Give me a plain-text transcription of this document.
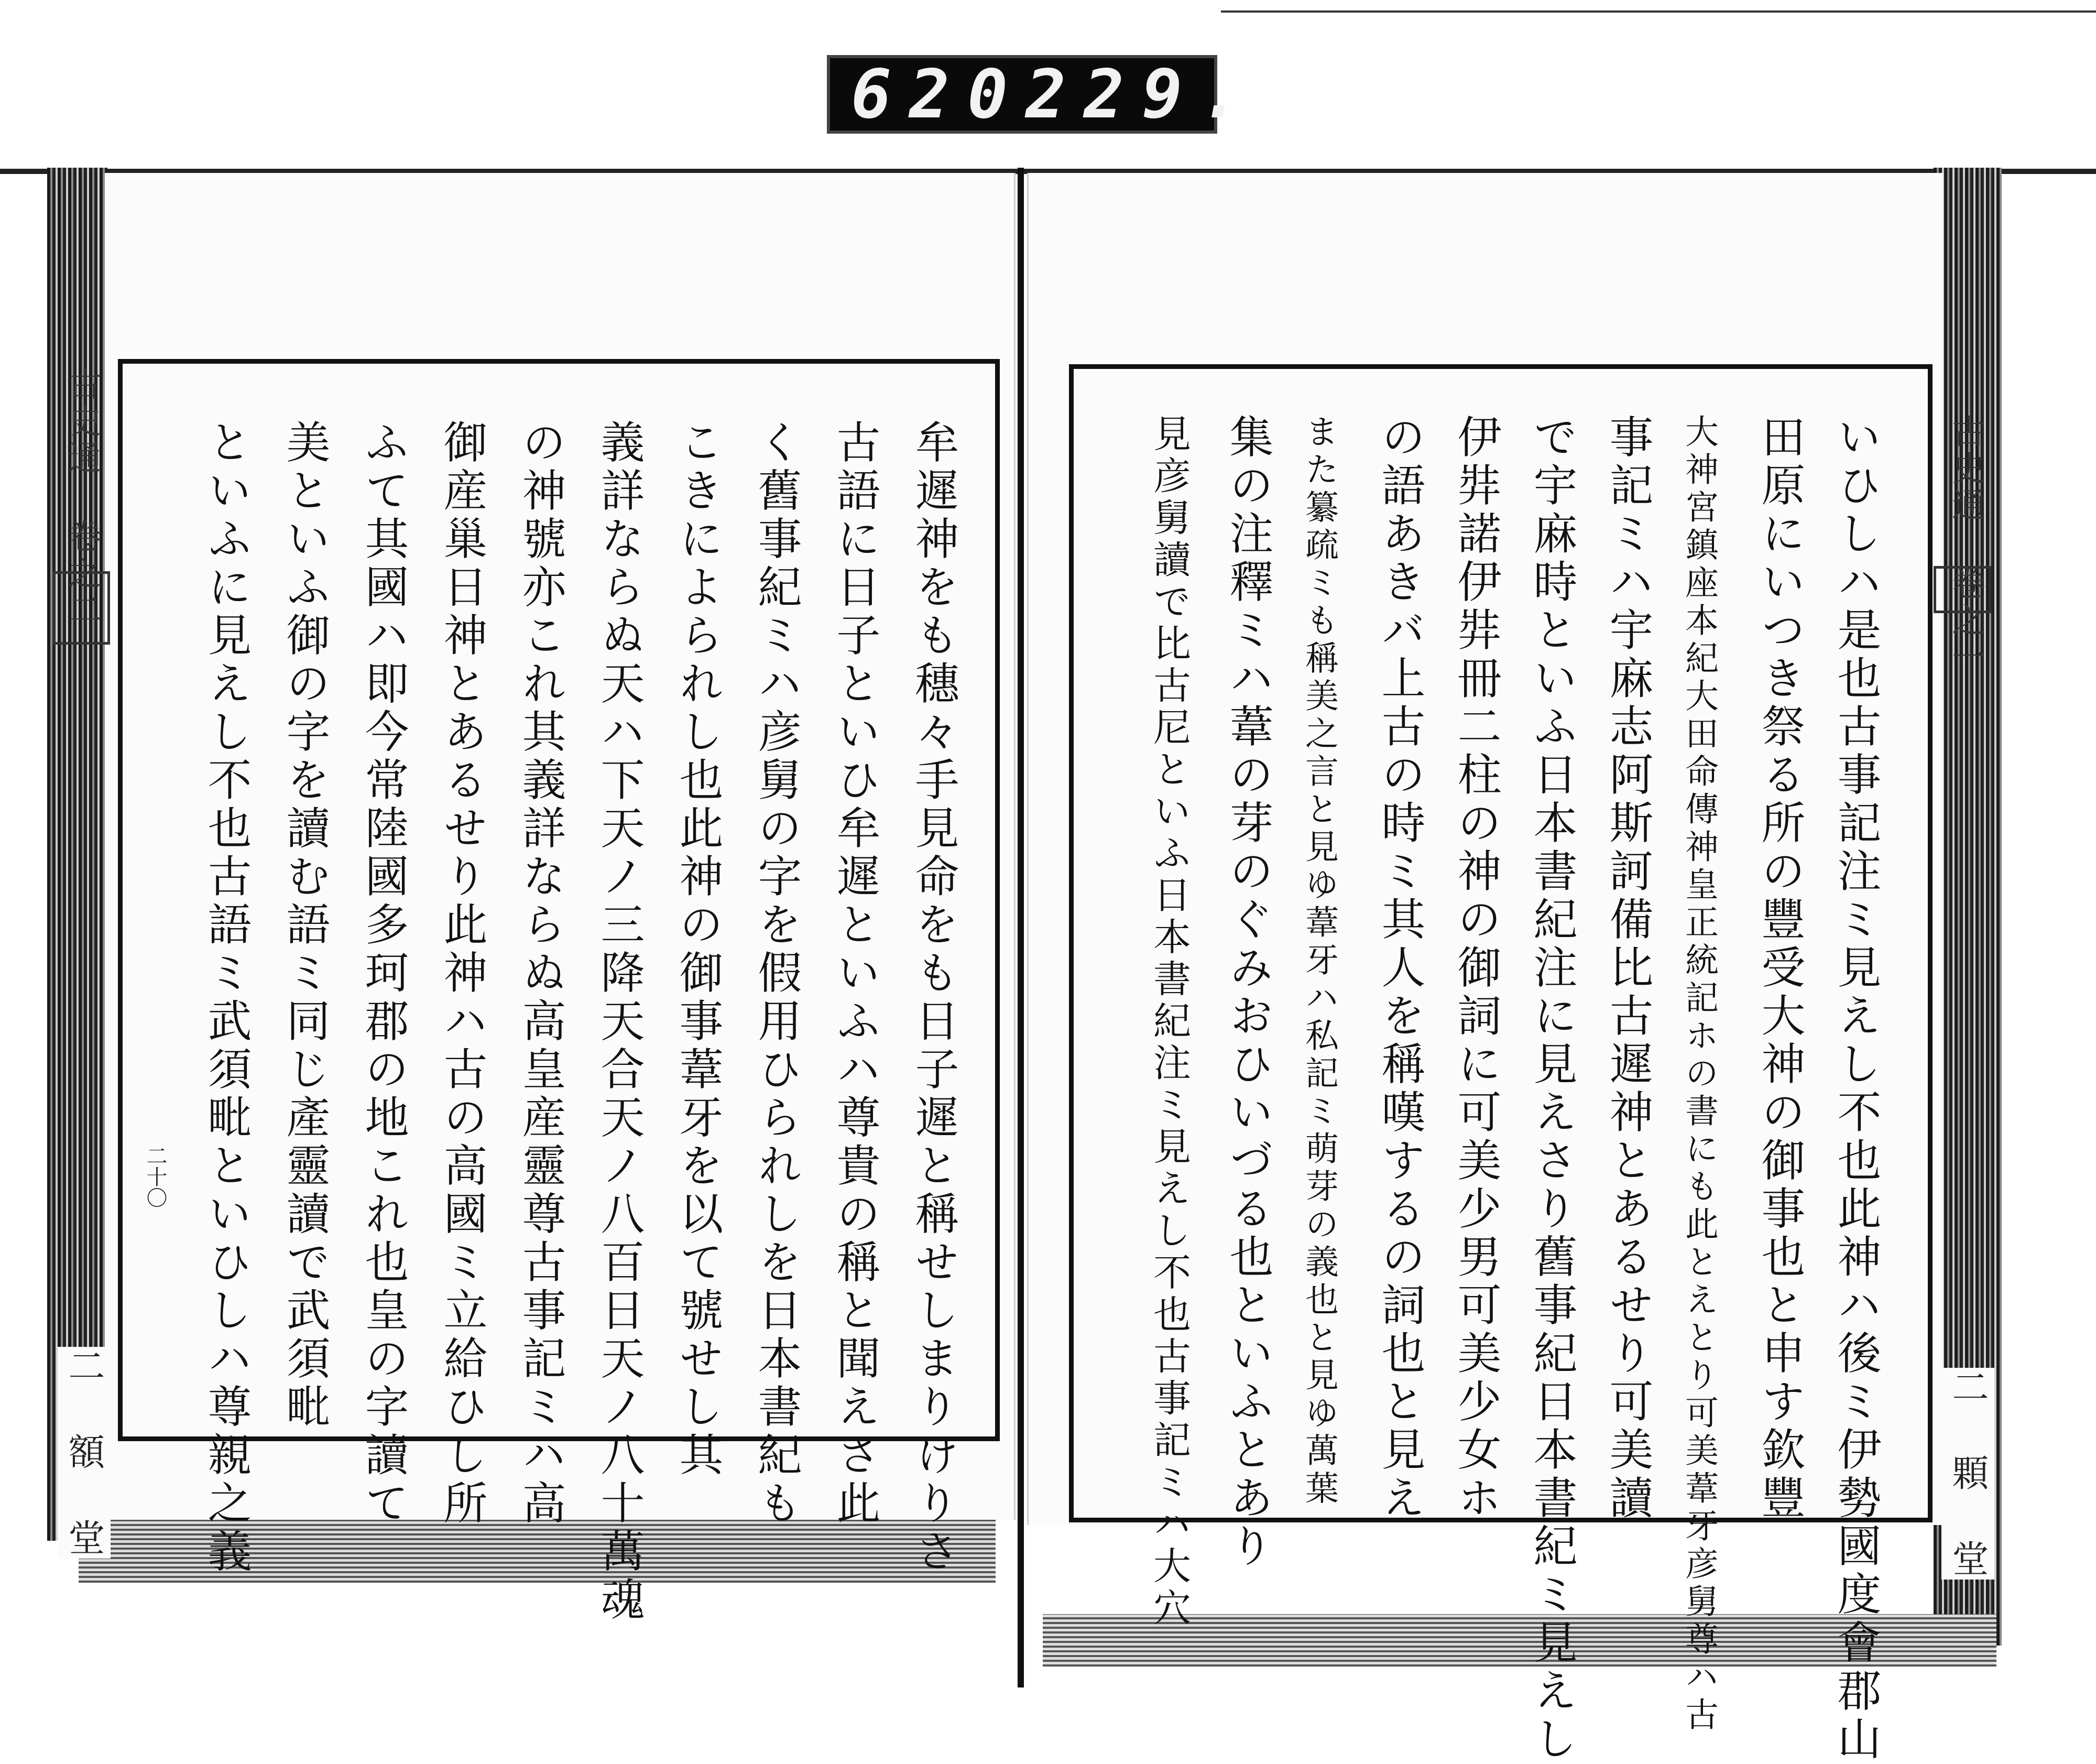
620 229.
古史通 卷之二
二 額 堂
二十〇
古史通 卷之一
二 顆 堂
牟遲神をも穗々手見命をも日子遲と稱せしまりけりさ
古語に日子といひ牟遲といふハ尊貴の稱と聞えさ此
く舊事紀ミハ彦舅の字を假用ひられしを日本書紀も
こきによられし也此神の御事葦牙を以て號せし其
義詳ならぬ天ハ下天ノ三降天合天ノ八百日天ノ八十萬魂
の神號亦これ其義詳ならぬ高皇産靈尊古事記ミハ高
御産巢日神とあるせり此神ハ古の高國ミ立給ひし所
ふて其國ハ即今常陸國多珂郡の地これ也皇の字讀て
美といふ御の字を讀む語ミ同じ產靈讀で武須毗
といふに見えし不也古語ミ武須毗といひしハ尊親之義	いひしハ是也古事記注ミ見えし不也此神ハ後ミ伊勢國度會郡山
田原にいつき祭る所の豐受大神の御事也と申す欽豐
大神宮鎮座本紀大田命傳神皇正統記ホの書にも此とえとり可美葦牙彦舅尊ハ古
事記ミハ宇麻志阿斯訶備比古遲神とあるせり可美讀
で宇麻時といふ日本書紀注に見えさり舊事紀日本書紀ミ見えし
伊弉諾伊弉冊二柱の神の御詞に可美少男可美少女ホ
の語あきバ上古の時ミ其人を稱嘆するの詞也と見え
また纂疏ミも稱美之言と見ゆ葦牙ハ私記ミ萌芽の義也と見ゆ萬葉
集の注釋ミハ葦の芽のぐみおひいづる也といふとあり
見彦舅讀で比古尼といふ日本書紀注ミ見えし不也古事記ミハ大穴
